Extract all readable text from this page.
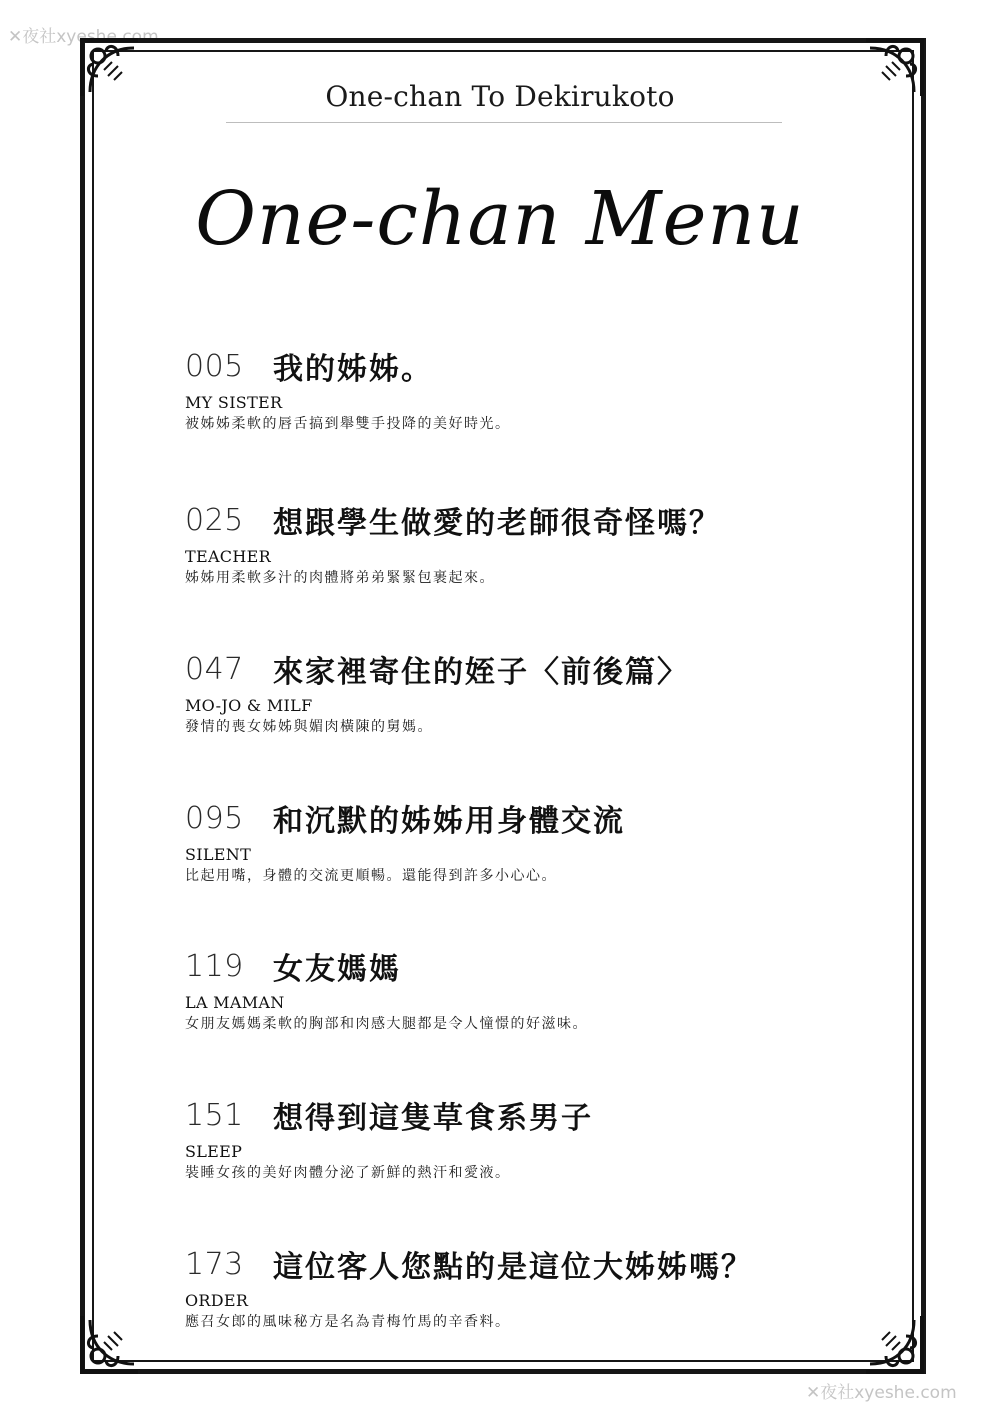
✕夜社xyeshe.com
One-chan To Dekirukoto
One-chan Menu
005 我的姊姊。
MY SISTER
被姊姊柔軟的唇舌搞到舉雙手投降的美好時光。
025 想跟學生做愛的老師很奇怪嗎？
TEACHER
姊姊用柔軟多汁的肉體將弟弟緊緊包裹起來。
047 來家裡寄住的姪子〈前後篇〉
MO-JO & MILF
發情的喪女姊姊與媚肉橫陳的舅媽。
095 和沉默的姊姊用身體交流
SILENT
比起用嘴，身體的交流更順暢。還能得到許多小心心。
119 女友媽媽
LA MAMAN
女朋友媽媽柔軟的胸部和肉感大腿都是令人憧憬的好滋味。
151 想得到這隻草食系男子
SLEEP
裝睡女孩的美好肉體分泌了新鮮的熱汗和愛液。
173 這位客人您點的是這位大姊姊嗎？
ORDER
應召女郎的風味秘方是名為青梅竹馬的辛香料。
✕夜社xyeshe.com
